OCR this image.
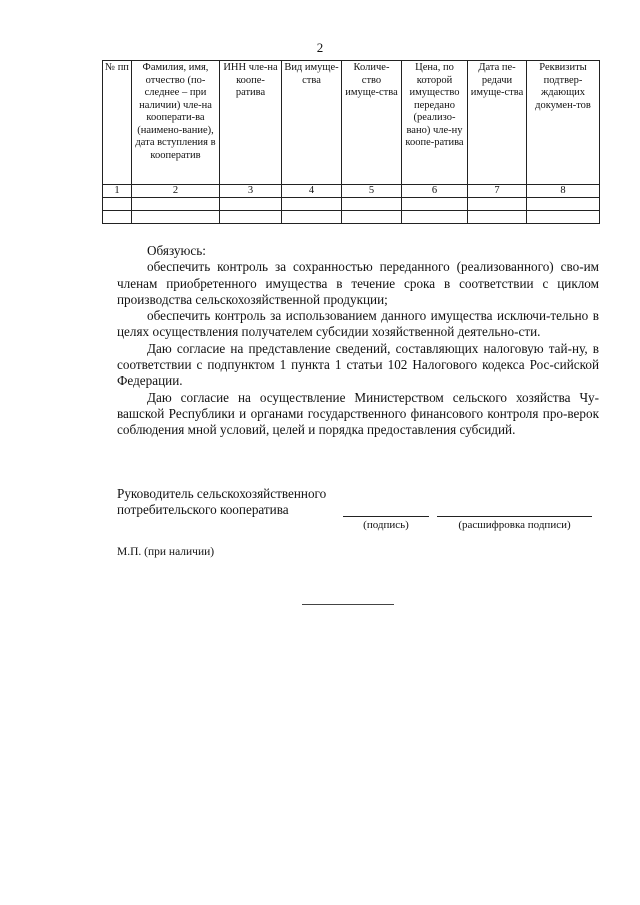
2
№ пп	Фамилия, имя, отчество (по-следнее – при наличии) чле-на кооперати-ва (наимено-вание), дата вступления в кооператив	ИНН чле-на коопе-ратива	Вид имуще-ства	Количе-ство имуще-ства	Цена, по которой имущество передано (реализо-вано) чле-ну коопе-ратива	Дата пе-редачи имуще-ства	Реквизиты подтвер-ждающих докумен-тов
1	2	3	4	5	6	7	8

Обязуюсь:

обеспечить контроль за сохранностью переданного (реализованного) сво-им членам приобретенного имущества в течение срока в соответствии с циклом производства сельскохозяйственной продукции;

обеспечить контроль за использованием данного имущества исключи-тельно в целях осуществления получателем субсидии хозяйственной деятельно-сти.

Даю согласие на представление сведений, составляющих налоговую тай-ну, в соответствии с подпунктом 1 пункта 1 статьи 102 Налогового кодекса Рос-сийской Федерации.

Даю согласие на осуществление Министерством сельского хозяйства Чу-вашской Республики и органами государственного финансового контроля про-верок соблюдения мной условий, целей и порядка предоставления субсидий.

Руководитель сельскохозяйственного
потребительского кооператива
(подпись)	(расшифровка подписи)
М.П. (при наличии)
